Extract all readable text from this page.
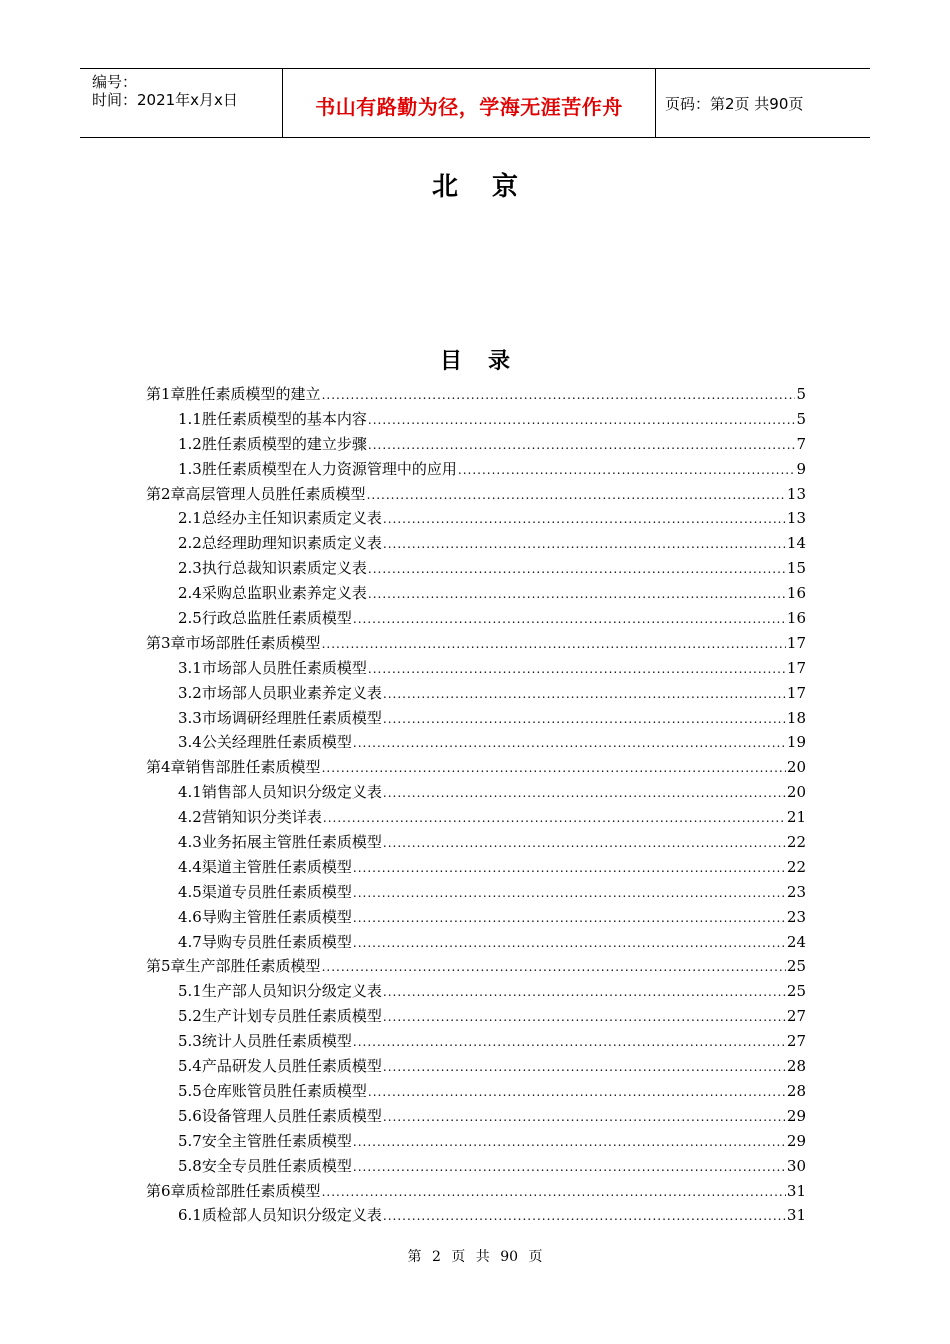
编号：
时间：2021年x月x日	书山有路勤为径，学海无涯苦作舟	页码：第2页 共90页
北京
目录
第1章 胜任素质模型的建立 .....	5
1.1 胜任素质模型的基本内容 .....	5
1.2 胜任素质模型的建立步骤 .....	7
1.3 胜任素质模型在人力资源管理中的应用 .....	9
第2章 高层管理人员胜任素质模型 .....	13
2.1 总经办主任知识素质定义表 .....	13
2.2 总经理助理知识素质定义表 .....	14
2.3 执行总裁知识素质定义表 .....	15
2.4 采购总监职业素养定义表 .....	16
2.5 行政总监胜任素质模型 .....	16
第3章 市场部胜任素质模型 .....	17
3.1 市场部人员胜任素质模型 .....	17
3.2 市场部人员职业素养定义表 .....	17
3.3 市场调研经理胜任素质模型 .....	18
3.4 公关经理胜任素质模型 .....	19
第4章 销售部胜任素质模型 .....	20
4.1 销售部人员知识分级定义表 .....	20
4.2 营销知识分类详表 .....	21
4.3 业务拓展主管胜任素质模型 .....	22
4.4 渠道主管胜任素质模型 .....	22
4.5 渠道专员胜任素质模型 .....	23
4.6 导购主管胜任素质模型 .....	23
4.7 导购专员胜任素质模型 .....	24
第5章 生产部胜任素质模型 .....	25
5.1 生产部人员知识分级定义表 .....	25
5.2 生产计划专员胜任素质模型 .....	27
5.3 统计人员胜任素质模型 .....	27
5.4 产品研发人员胜任素质模型 .....	28
5.5 仓库账管员胜任素质模型 .....	28
5.6 设备管理人员胜任素质模型 .....	29
5.7 安全主管胜任素质模型 .....	29
5.8 安全专员胜任素质模型 .....	30
第6章 质检部胜任素质模型 .....	31
6.1 质检部人员知识分级定义表 .....	31
第 2 页 共 90 页
